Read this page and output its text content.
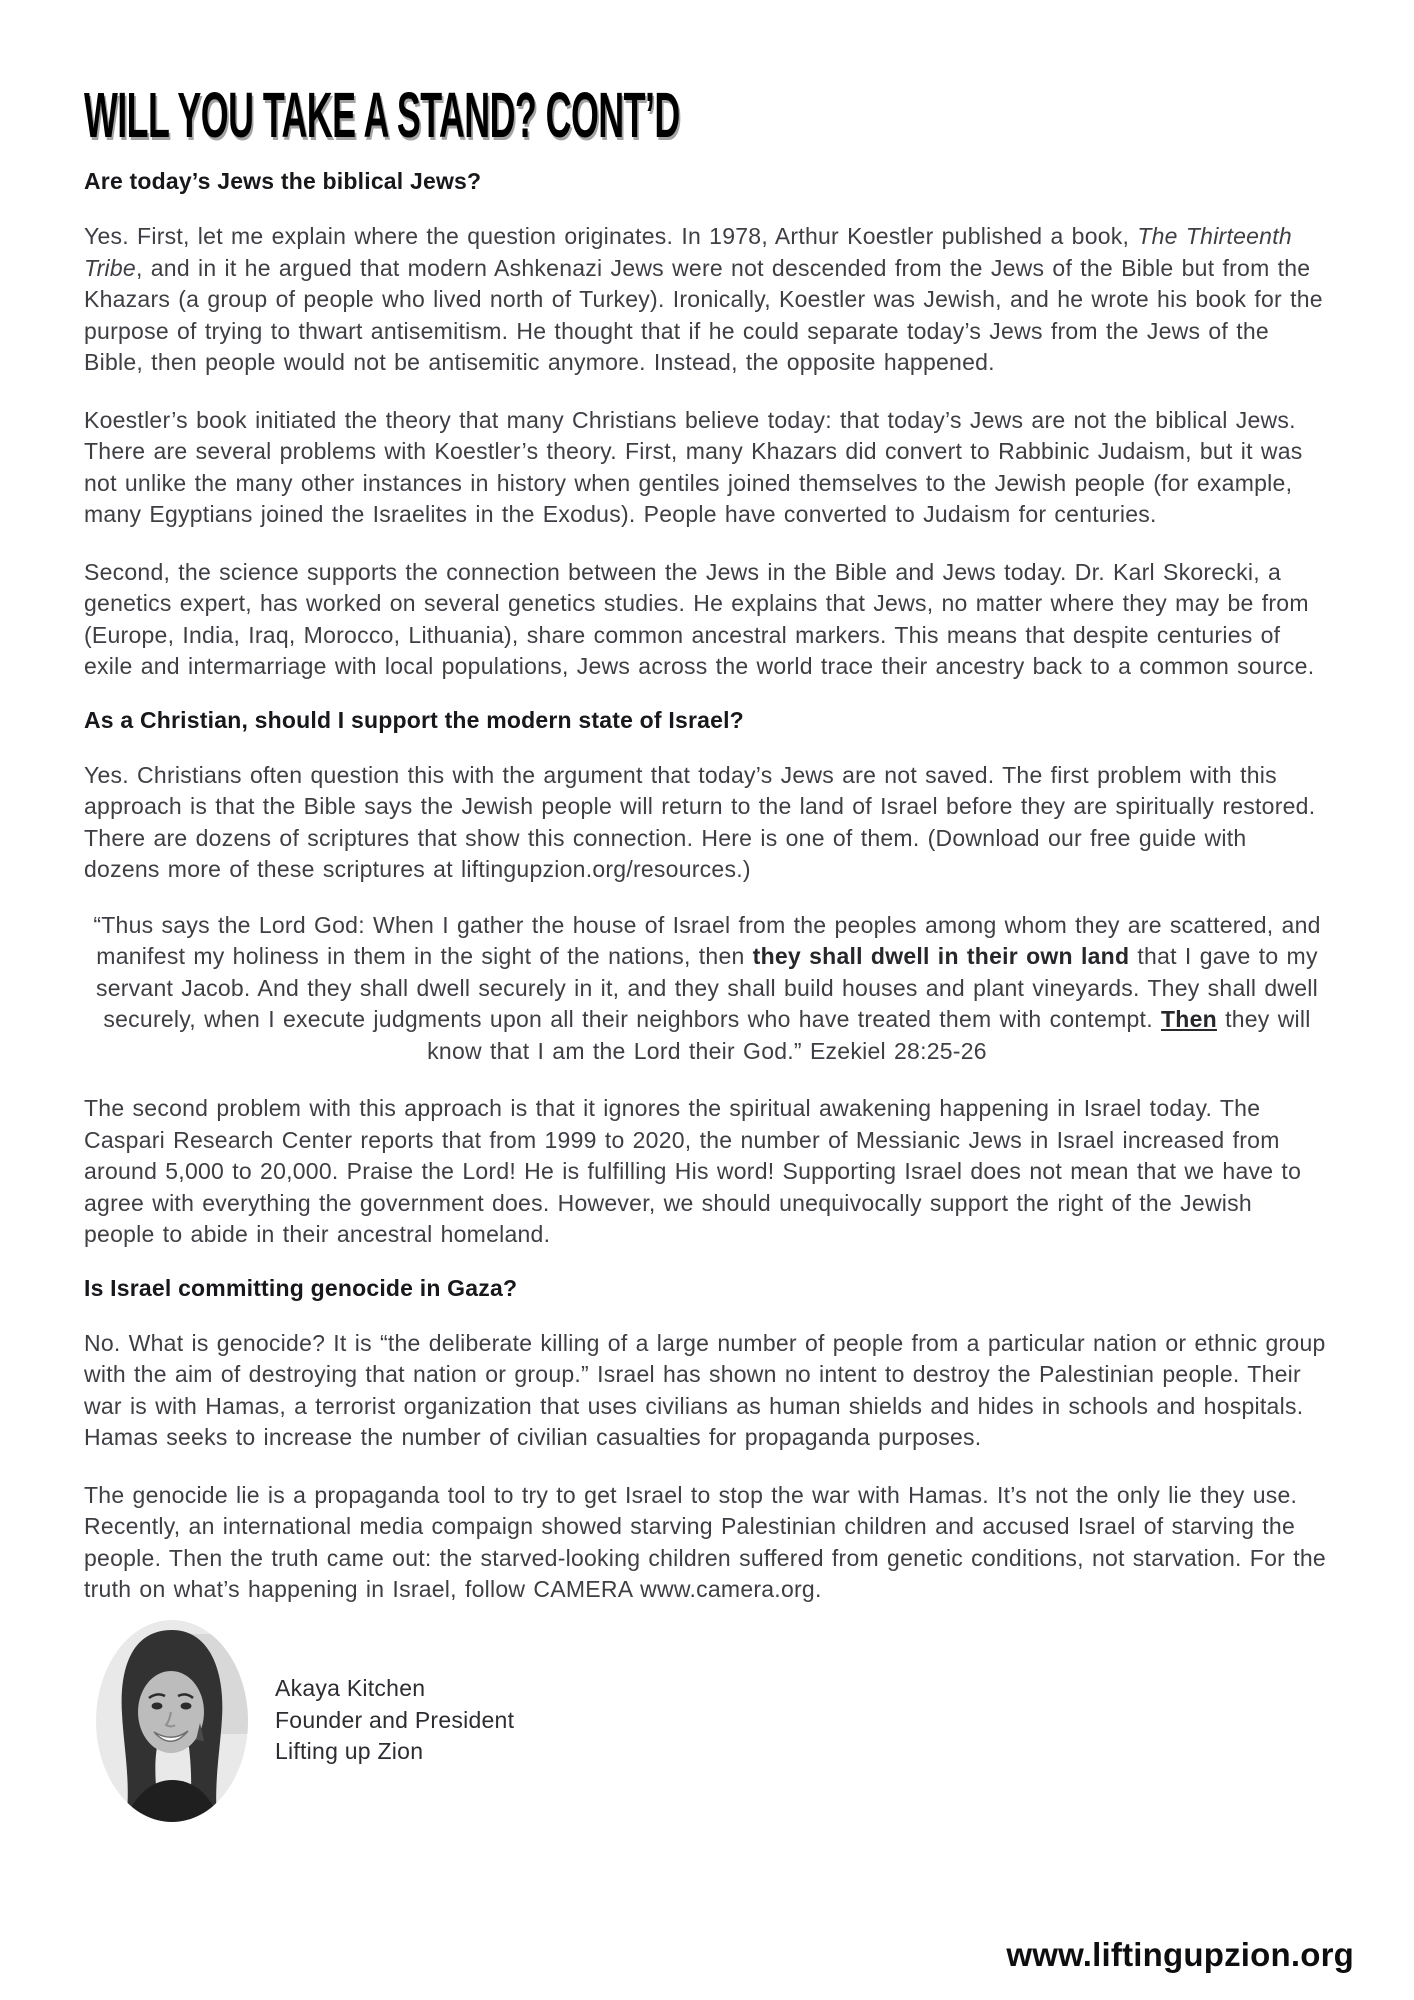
WILL YOU TAKE A STAND? CONT’D
Are today’s Jews the biblical Jews?

Yes. First, let me explain where the question originates. In 1978, Arthur Koestler published a book, The Thirteenth Tribe, and in it he argued that modern Ashkenazi Jews were not descended from the Jews of the Bible but from the Khazars (a group of people who lived north of Turkey). Ironically, Koestler was Jewish, and he wrote his book for the purpose of trying to thwart antisemitism. He thought that if he could separate today’s Jews from the Jews of the Bible, then people would not be antisemitic anymore. Instead, the opposite happened.

Koestler’s book initiated the theory that many Christians believe today: that today’s Jews are not the biblical Jews. There are several problems with Koestler’s theory. First, many Khazars did convert to Rabbinic Judaism, but it was not unlike the many other instances in history when gentiles joined themselves to the Jewish people (for example, many Egyptians joined the Israelites in the Exodus). People have converted to Judaism for centuries.

Second, the science supports the connection between the Jews in the Bible and Jews today. Dr. Karl Skorecki, a genetics expert, has worked on several genetics studies. He explains that Jews, no matter where they may be from (Europe, India, Iraq, Morocco, Lithuania), share common ancestral markers. This means that despite centuries of exile and intermarriage with local populations, Jews across the world trace their ancestry back to a common source.

As a Christian, should I support the modern state of Israel?

Yes. Christians often question this with the argument that today’s Jews are not saved. The first problem with this approach is that the Bible says the Jewish people will return to the land of Israel before they are spiritually restored. There are dozens of scriptures that show this connection. Here is one of them. (Download our free guide with dozens more of these scriptures at liftingupzion.org/resources.)

“Thus says the Lord God: When I gather the house of Israel from the peoples among whom they are scattered, and manifest my holiness in them in the sight of the nations, then they shall dwell in their own land that I gave to my servant Jacob. And they shall dwell securely in it, and they shall build houses and plant vineyards. They shall dwell securely, when I execute judgments upon all their neighbors who have treated them with contempt. Then they will know that I am the Lord their God.” Ezekiel 28:25-26

The second problem with this approach is that it ignores the spiritual awakening happening in Israel today. The Caspari Research Center reports that from 1999 to 2020, the number of Messianic Jews in Israel increased from around 5,000 to 20,000. Praise the Lord! He is fulfilling His word! Supporting Israel does not mean that we have to agree with everything the government does. However, we should unequivocally support the right of the Jewish people to abide in their ancestral homeland.

Is Israel committing genocide in Gaza?

No. What is genocide? It is “the deliberate killing of a large number of people from a particular nation or ethnic group with the aim of destroying that nation or group.” Israel has shown no intent to destroy the Palestinian people. Their war is with Hamas, a terrorist organization that uses civilians as human shields and hides in schools and hospitals. Hamas seeks to increase the number of civilian casualties for propaganda purposes.

The genocide lie is a propaganda tool to try to get Israel to stop the war with Hamas. It’s not the only lie they use. Recently, an international media compaign showed starving Palestinian children and accused Israel of starving the people. Then the truth came out: the starved-looking children suffered from genetic conditions, not starvation. For the truth on what’s happening in Israel, follow CAMERA www.camera.org.

Akaya Kitchen
Founder and President
Lifting up Zion
www.liftingupzion.org
